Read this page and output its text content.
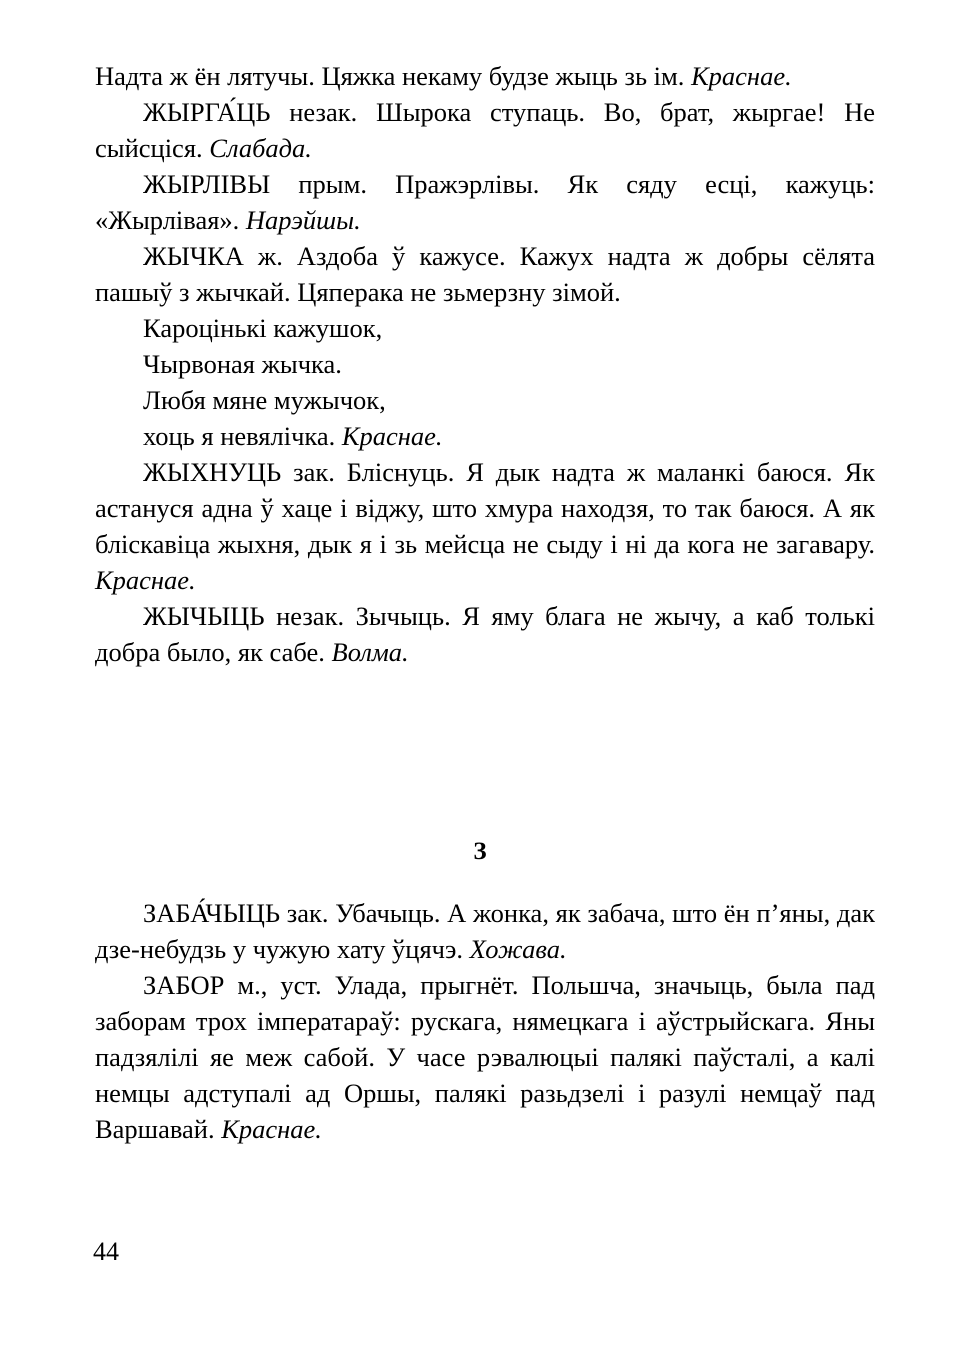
Надта ж ён лятучы. Цяжка некаму будзе жыць зь ім. Краснае.

ЖЫРГА́ЦЬ незак. Шырока ступаць. Во, брат, жыргае! Не сыйсціся. Слабада.

ЖЫРЛІВЫ прым. Пражэрлівы. Як сяду есці, кажуць: «Жырлівая». Нарэйшы.

ЖЫЧКА ж. Аздоба ў кажусе. Кажух надта ж добры сёлята пашыў з жычкай. Цяперака не зьмерзну зімой.

Кароцінькі кажушок,
Чырвоная жычка.
Любя мяне мужычок,
хоць я невялічка. Краснае.

ЖЫХНУЦЬ зак. Бліснуць. Я дык надта ж маланкі баюся. Як астануся адна ў хаце і віджу, што хмура находзя, то так баюся. А як бліскавіца жыхня, дык я і зь мейсца не сыду і ні да кога не загавару. Краснае.

ЖЫЧЫЦЬ незак. Зычыць. Я яму блага не жычу, а каб толькі добра было, як сабе. Волма.

З

ЗАБА́ЧЫЦЬ зак. Убачыць. А жонка, як забача, што ён п’яны, дак дзе-небудзь у чужую хату ўцячэ. Хожава.

ЗАБОР м., уст. Улада, прыгнёт. Польшча, значыць, была пад заборам трох імператараў: рускага, нямецкага і аўстрыйскага. Яны падзялілі яе меж сабой. У часе рэвалюцыі палякі паўсталі, а калі немцы адступалі ад Оршы, палякі разьдзелі і разулі немцаў пад Варшавай. Краснае.

44
